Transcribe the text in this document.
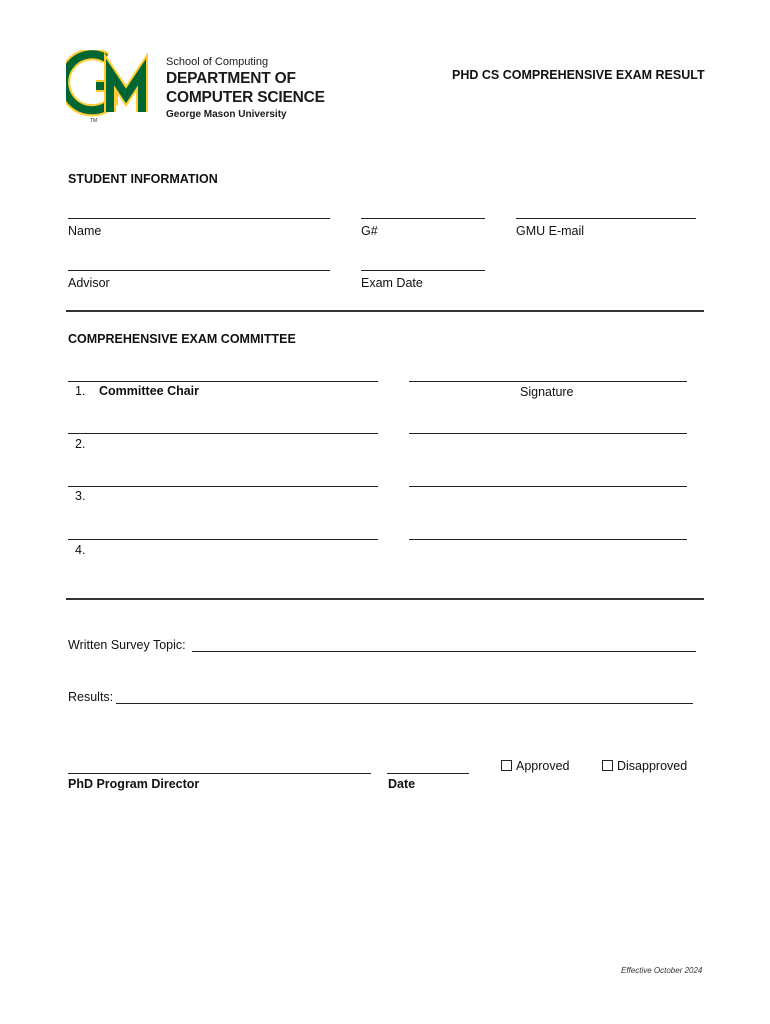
TM
School of Computing
DEPARTMENT OF
COMPUTER SCIENCE
George Mason University
PHD CS COMPREHENSIVE EXAM RESULT
STUDENT INFORMATION
Name	G#	GMU E-mail
Advisor	Exam Date
COMPREHENSIVE EXAM COMMITTEE
1. Committee Chair	Signature
2.
3.
4.
Written Survey Topic:
Results:
PhD Program Director	Date
Approved	Disapproved
Effective October 2024
